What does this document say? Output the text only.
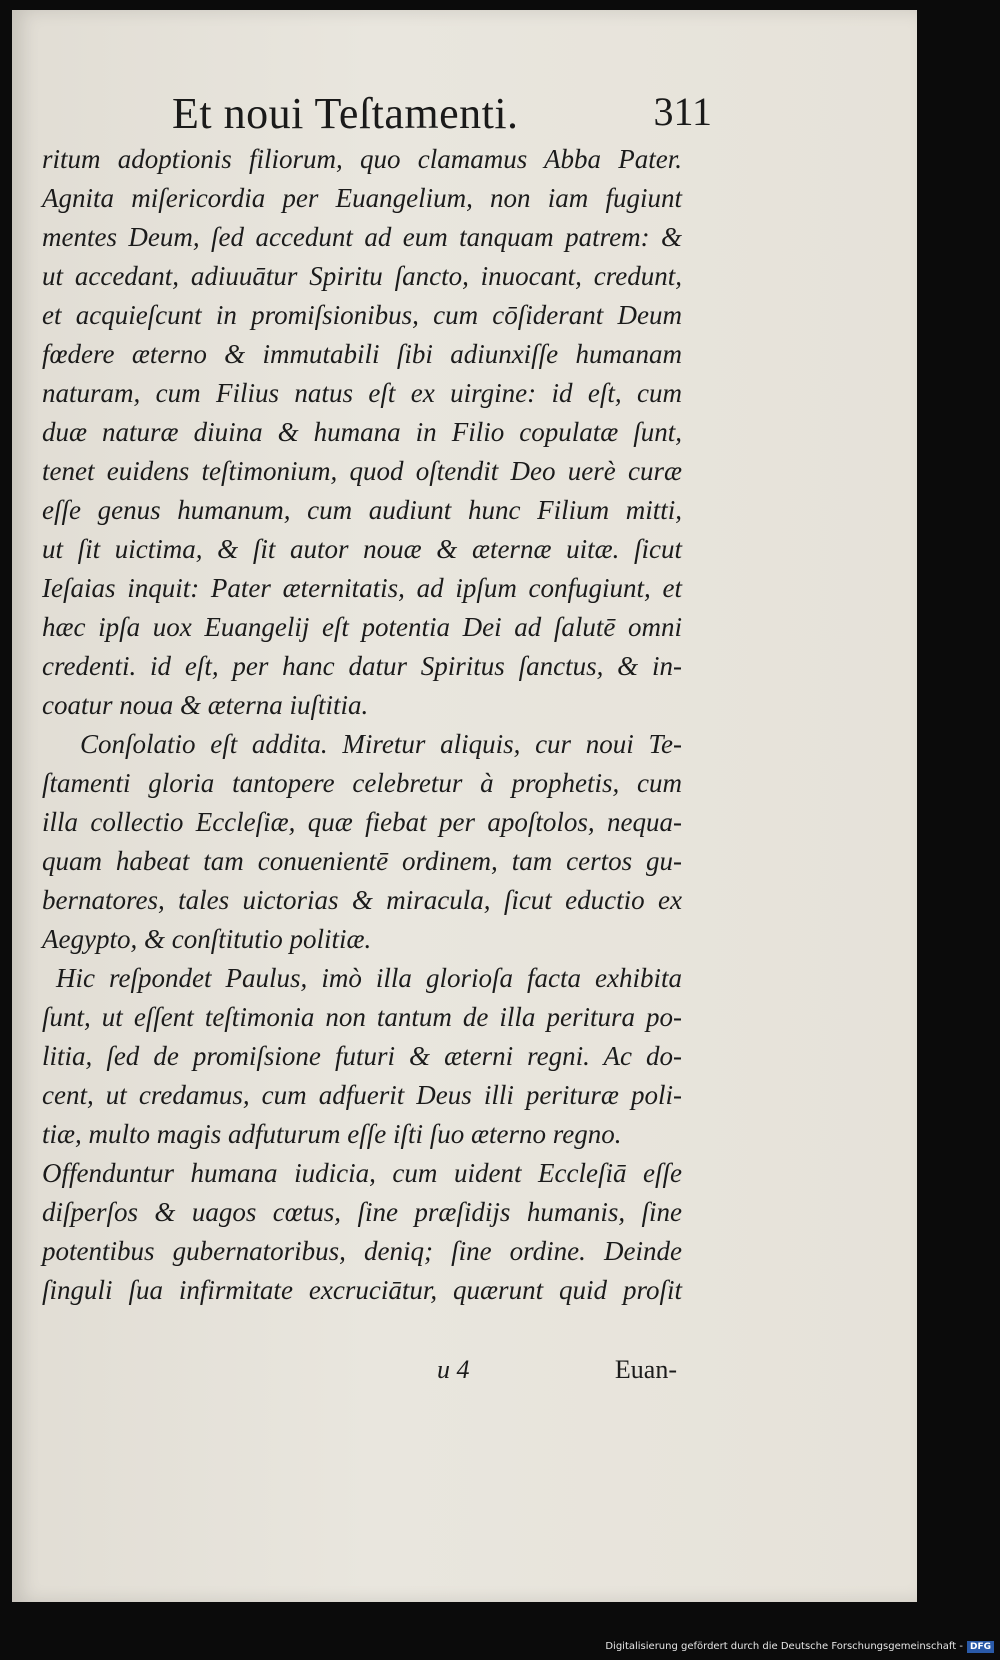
Et noui Teſtamenti.	311
ritum adoptionis filiorum, quo clamamus Abba Pater.
Agnita miſericordia per Euangelium, non iam fugiunt
mentes Deum, ſed accedunt ad eum tanquam patrem: &
ut accedant, adiuuātur Spiritu ſancto, inuocant, credunt,
et acquieſcunt in promiſsionibus, cum cōſiderant Deum
fœdere æterno & immutabili ſibi adiunxiſſe humanam
naturam, cum Filius natus eſt ex uirgine: id eſt, cum
duæ naturæ diuina & humana in Filio copulatæ ſunt,
tenet euidens teſtimonium, quod oſtendit Deo uerè curæ
eſſe genus humanum, cum audiunt hunc Filium mitti,
ut ſit uictima, & ſit autor nouæ & æternæ uitæ. ſicut
Ieſaias inquit: Pater æternitatis, ad ipſum confugiunt, et
hæc ipſa uox Euangelij eſt potentia Dei ad ſalutē omni
credenti. id eſt, per hanc datur Spiritus ſanctus, & in-
coatur noua & æterna iuſtitia.
Conſolatio eſt addita. Miretur aliquis, cur noui Te-
ſtamenti gloria tantopere celebretur à prophetis, cum
illa collectio Eccleſiæ, quæ fiebat per apoſtolos, nequa-
quam habeat tam conuenientē ordinem, tam certos gu-
bernatores, tales uictorias & miracula, ſicut eductio ex
Aegypto, & conſtitutio politiæ.
Hic reſpondet Paulus, imò illa glorioſa facta exhibita
ſunt, ut eſſent teſtimonia non tantum de illa peritura po-
litia, ſed de promiſsione futuri & æterni regni. Ac do-
cent, ut credamus, cum adfuerit Deus illi perituræ poli-
tiæ, multo magis adfuturum eſſe iſti ſuo æterno regno.
Offenduntur humana iudicia, cum uident Eccleſiā eſſe
diſperſos & uagos cœtus, ſine præſidijs humanis, ſine
potentibus gubernatoribus, deniq; ſine ordine. Deinde
ſinguli ſua infirmitate excruciātur, quærunt quid proſit
u 4	Euan-
Digitalisierung gefördert durch die Deutsche Forschungsgemeinschaft - DFG
